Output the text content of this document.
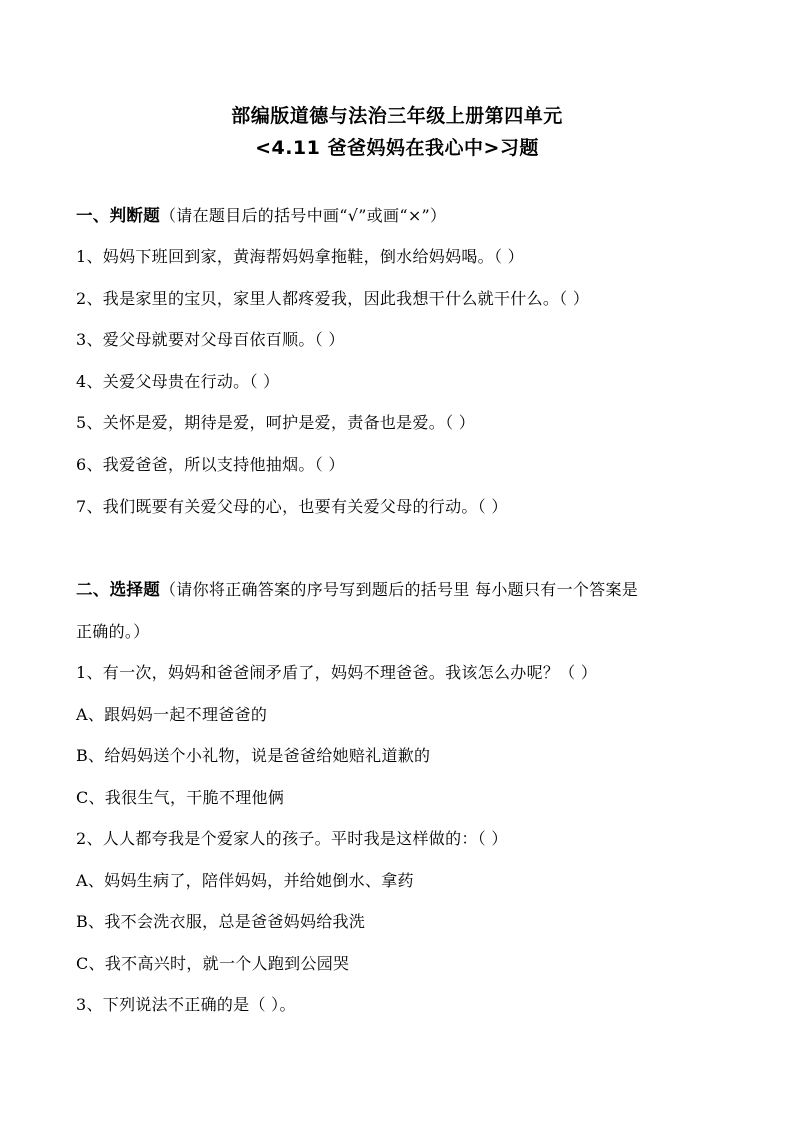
部编版道德与法治三年级上册第四单元
<4.11 爸爸妈妈在我心中>习题
一、判断题（请在题目后的括号中画“√”或画“×”）
1、妈妈下班回到家，黄海帮妈妈拿拖鞋，倒水给妈妈喝。（ ）
2、我是家里的宝贝，家里人都疼爱我，因此我想干什么就干什么。（ ）
3、爱父母就要对父母百依百顺。（ ）
4、关爱父母贵在行动。（ ）
5、关怀是爱，期待是爱，呵护是爱，责备也是爱。（ ）
6、我爱爸爸，所以支持他抽烟。（ ）
7、我们既要有关爱父母的心，也要有关爱父母的行动。（ ）
二、选择题（请你将正确答案的序号写到题后的括号里 每小题只有一个答案是
正确的。）
1、有一次，妈妈和爸爸闹矛盾了，妈妈不理爸爸。我该怎么办呢？（ ）
A、跟妈妈一起不理爸爸的
B、给妈妈送个小礼物，说是爸爸给她赔礼道歉的
C、我很生气，干脆不理他俩
2、人人都夸我是个爱家人的孩子。平时我是这样做的：（ ）
A、妈妈生病了，陪伴妈妈，并给她倒水、拿药
B、我不会洗衣服，总是爸爸妈妈给我洗
C、我不高兴时，就一个人跑到公园哭
3、下列说法不正确的是（ ）。
